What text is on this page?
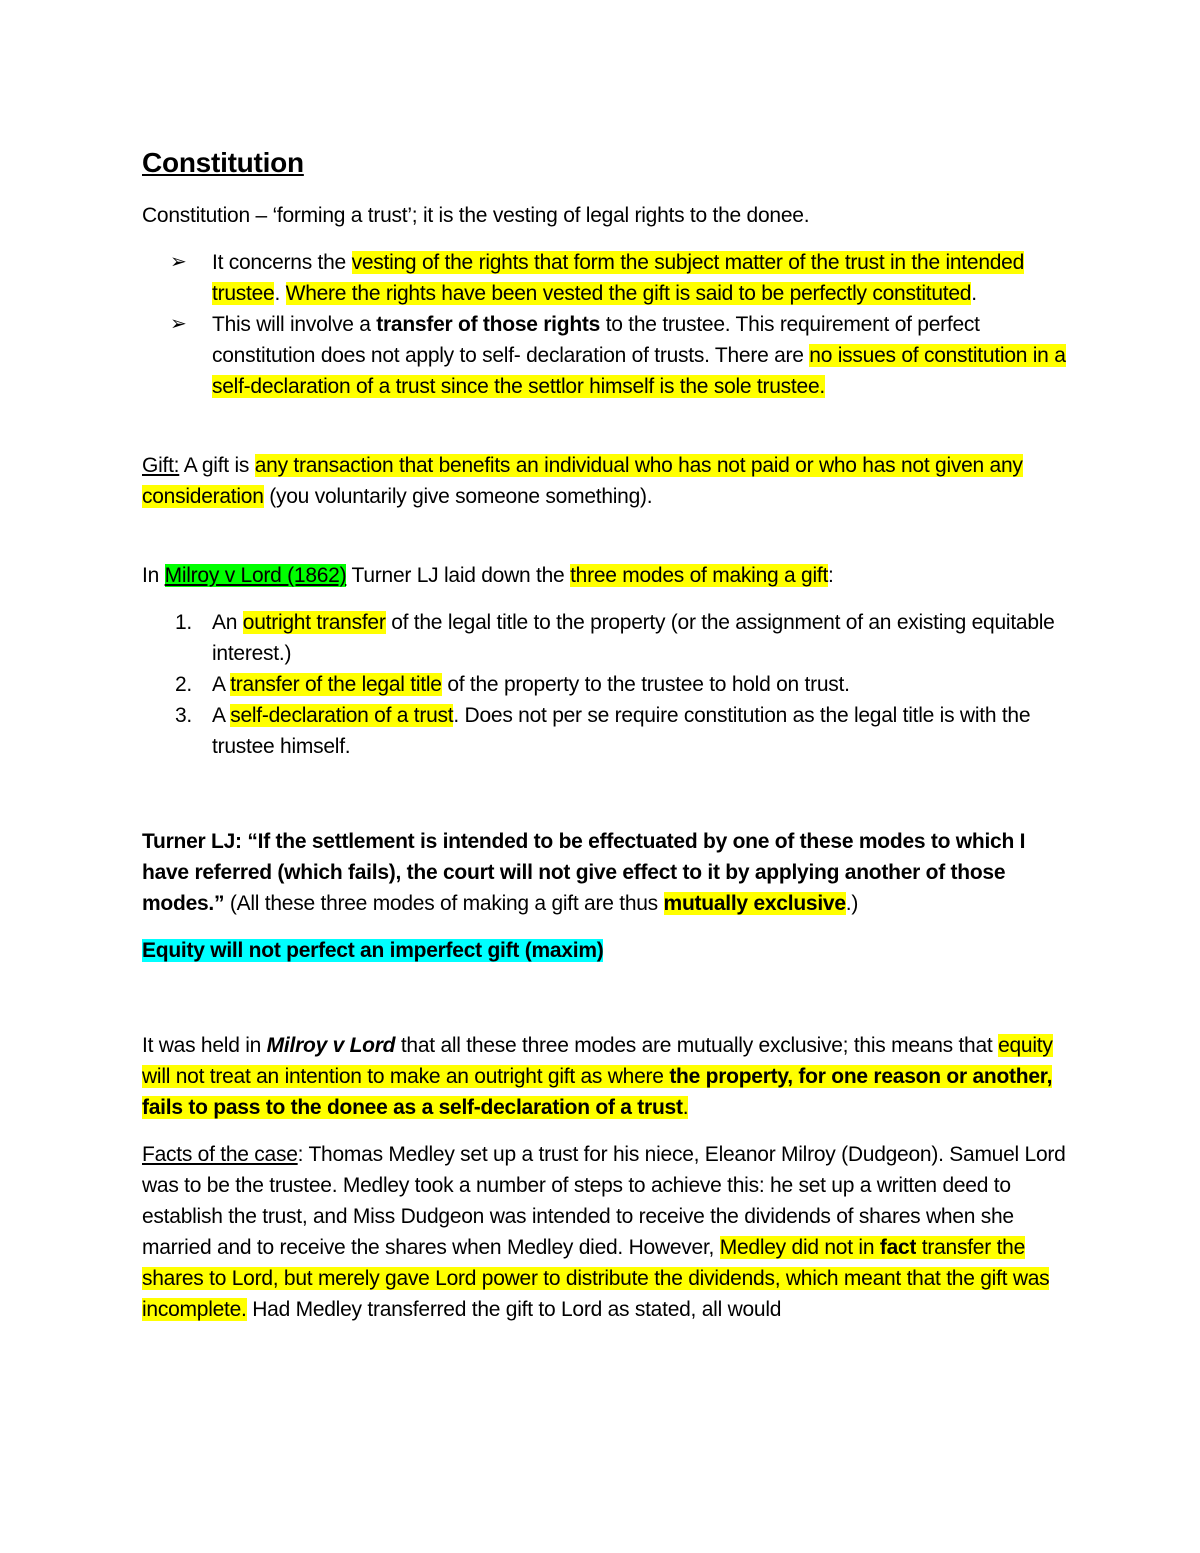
Constitution

Constitution – ‘forming a trust’; it is the vesting of legal rights to the donee.

➢ It concerns the vesting of the rights that form the subject matter of the trust in the intended trustee. Where the rights have been vested the gift is said to be perfectly constituted.
➢ This will involve a transfer of those rights to the trustee. This requirement of perfect constitution does not apply to self- declaration of trusts. There are no issues of constitution in a self-declaration of a trust since the settlor himself is the sole trustee.

Gift: A gift is any transaction that benefits an individual who has not paid or who has not given any consideration (you voluntarily give someone something).

In Milroy v Lord (1862) Turner LJ laid down the three modes of making a gift:

1. An outright transfer of the legal title to the property (or the assignment of an existing equitable interest.)
2. A transfer of the legal title of the property to the trustee to hold on trust.
3. A self-declaration of a trust. Does not per se require constitution as the legal title is with the trustee himself.

Turner LJ: “If the settlement is intended to be effectuated by one of these modes to which I have referred (which fails), the court will not give effect to it by applying another of those modes.” (All these three modes of making a gift are thus mutually exclusive.)

Equity will not perfect an imperfect gift (maxim)

It was held in Milroy v Lord that all these three modes are mutually exclusive; this means that equity will not treat an intention to make an outright gift as where the property, for one reason or another, fails to pass to the donee as a self-declaration of a trust.

Facts of the case: Thomas Medley set up a trust for his niece, Eleanor Milroy (Dudgeon). Samuel Lord was to be the trustee. Medley took a number of steps to achieve this: he set up a written deed to establish the trust, and Miss Dudgeon was intended to receive the dividends of shares when she married and to receive the shares when Medley died. However, Medley did not in fact transfer the shares to Lord, but merely gave Lord power to distribute the dividends, which meant that the gift was incomplete. Had Medley transferred the gift to Lord as stated, all would
